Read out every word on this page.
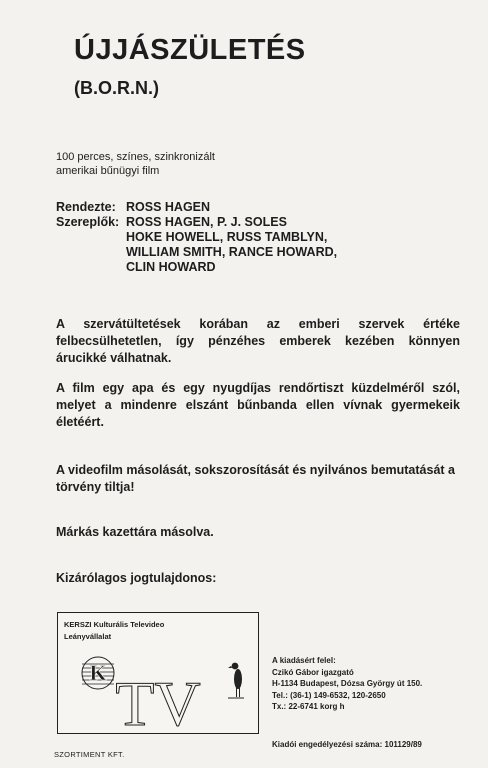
ÚJJÁSZÜLETÉS
(B.O.R.N.)
100 perces, színes, szinkronizált
amerikai bűnügyi film
Rendezte: ROSS HAGEN
Szereplők: ROSS HAGEN, P. J. SOLES
HOKE HOWELL, RUSS TAMBLYN,
WILLIAM SMITH, RANCE HOWARD,
CLIN HOWARD
A szervátültetések korában az emberi szervek értéke felbecsülhetetlen, így pénzéhes emberek kezében könnyen árucikké válhatnak.
A film egy apa és egy nyugdíjas rendőrtiszt küzdelméről szól, melyet a mindenre elszánt bűnbanda ellen vívnak gyermekeik életéért.
A videofilm másolását, sokszorosítását és nyilvános bemutatását a törvény tiltja!
Márkás kazettára másolva.
Kizárólagos jogtulajdonos:
KERSZI Kulturális Televideo
Leányvállalat
K TV
SZORTIMENT KFT.
A kiadásért felel:
Czikó Gábor igazgató
H-1134 Budapest, Dózsa György út 150.
Tel.: (36-1) 149-6532, 120-2650
Tx.: 22-6741 korg h
Kiadói engedélyezési száma: 101129/89
